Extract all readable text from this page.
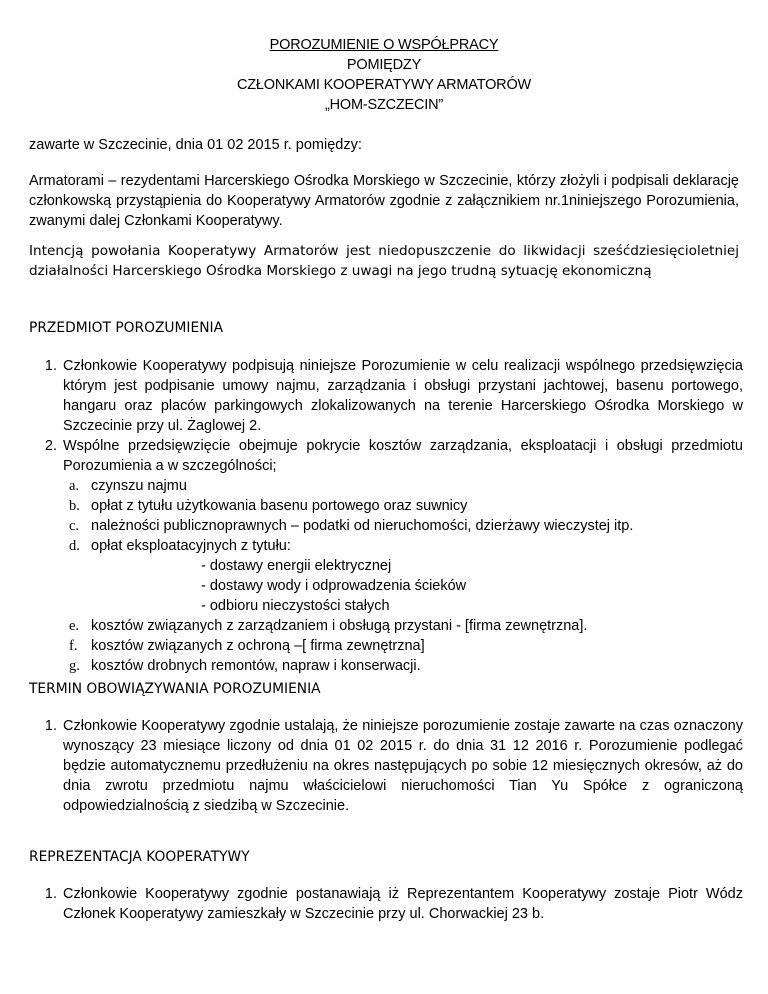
POROZUMIENIE O WSPÓŁPRACY
POMIĘDZY
CZŁONKAMI KOOPERATYWY ARMATORÓW
„HOM-SZCZECIN”
zawarte w Szczecinie, dnia 01 02 2015 r. pomiędzy:
Armatorami – rezydentami Harcerskiego Ośrodka Morskiego w Szczecinie, którzy złożyli i podpisali deklarację członkowską przystąpienia do Kooperatywy Armatorów zgodnie z załącznikiem nr.1niniejszego Porozumienia, zwanymi dalej Członkami Kooperatywy.
Intencją powołania Kooperatywy Armatorów jest niedopuszczenie do likwidacji sześćdziesięcioletniej działalności Harcerskiego Ośrodka Morskiego z uwagi na jego trudną sytuację ekonomiczną
PRZEDMIOT POROZUMIENIA
1. Członkowie Kooperatywy podpisują niniejsze Porozumienie w celu realizacji wspólnego przedsięwzięcia którym jest podpisanie umowy najmu, zarządzania i obsługi przystani jachtowej, basenu portowego, hangaru oraz placów parkingowych zlokalizowanych na terenie Harcerskiego Ośrodka Morskiego w Szczecinie przy ul. Żaglowej 2.
2. Wspólne przedsięwzięcie obejmuje pokrycie kosztów zarządzania, eksploatacji i obsługi przedmiotu Porozumienia a w szczególności;
a. czynszu najmu
b. opłat z tytułu użytkowania basenu portowego oraz suwnicy
c. należności publicznoprawnych – podatki od nieruchomości, dzierżawy wieczystej itp.
d. opłat eksploatacyjnych z tytułu:
- dostawy energii elektrycznej
- dostawy wody i odprowadzenia ścieków
- odbioru nieczystości stałych
e. kosztów związanych z zarządzaniem i obsługą przystani - [firma zewnętrzna].
f. kosztów związanych z ochroną –[ firma zewnętrzna]
g. kosztów drobnych remontów, napraw i konserwacji.
TERMIN OBOWIĄZYWANIA POROZUMIENIA
1. Członkowie Kooperatywy zgodnie ustalają, że niniejsze porozumienie zostaje zawarte na czas oznaczony wynoszący 23 miesiące liczony od dnia 01 02 2015 r. do dnia 31 12 2016 r. Porozumienie podlegać będzie automatycznemu przedłużeniu na okres następujących po sobie 12 miesięcznych okresów, aż do dnia zwrotu przedmiotu najmu właścicielowi nieruchomości Tian Yu Spółce z ograniczoną odpowiedzialnością z siedzibą w Szczecinie.
REPREZENTACJA KOOPERATYWY
1. Członkowie Kooperatywy zgodnie postanawiają iż Reprezentantem Kooperatywy zostaje Piotr Wódz Członek Kooperatywy zamieszkały w Szczecinie przy ul. Chorwackiej 23 b.
